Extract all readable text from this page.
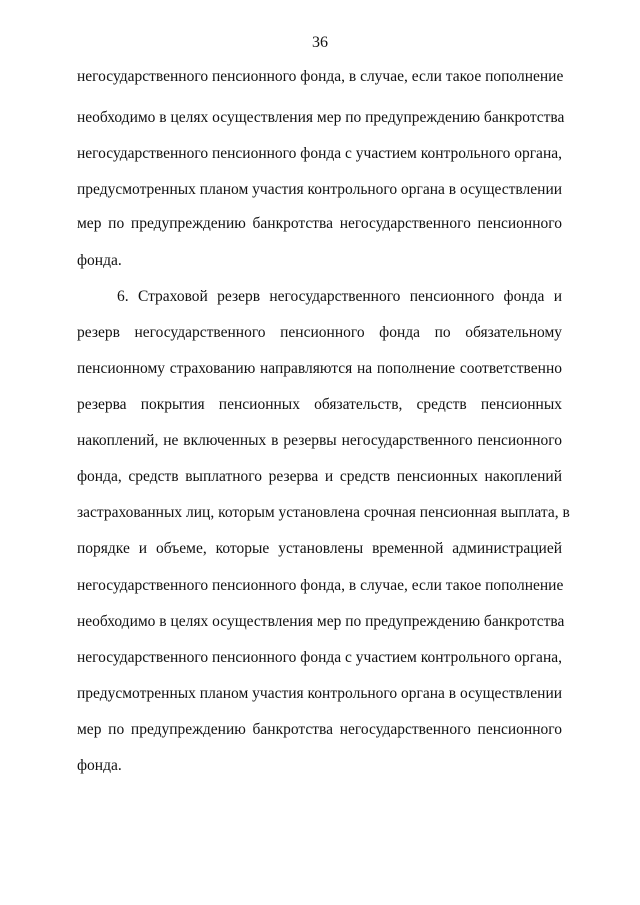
36
негосударственного пенсионного фонда, в случае, если такое пополнение
необходимо в целях осуществления мер по предупреждению банкротства
негосударственного пенсионного фонда с участием контрольного органа,
предусмотренных планом участия контрольного органа в осуществлении
мер по предупреждению банкротства негосударственного пенсионного
фонда.
6. Страховой резерв негосударственного пенсионного фонда и
резерв негосударственного пенсионного фонда по обязательному
пенсионному страхованию направляются на пополнение соответственно
резерва покрытия пенсионных обязательств, средств пенсионных
накоплений, не включенных в резервы негосударственного пенсионного
фонда, средств выплатного резерва и средств пенсионных накоплений
застрахованных лиц, которым установлена срочная пенсионная выплата, в
порядке и объеме, которые установлены временной администрацией
негосударственного пенсионного фонда, в случае, если такое пополнение
необходимо в целях осуществления мер по предупреждению банкротства
негосударственного пенсионного фонда с участием контрольного органа,
предусмотренных планом участия контрольного органа в осуществлении
мер по предупреждению банкротства негосударственного пенсионного
фонда.
